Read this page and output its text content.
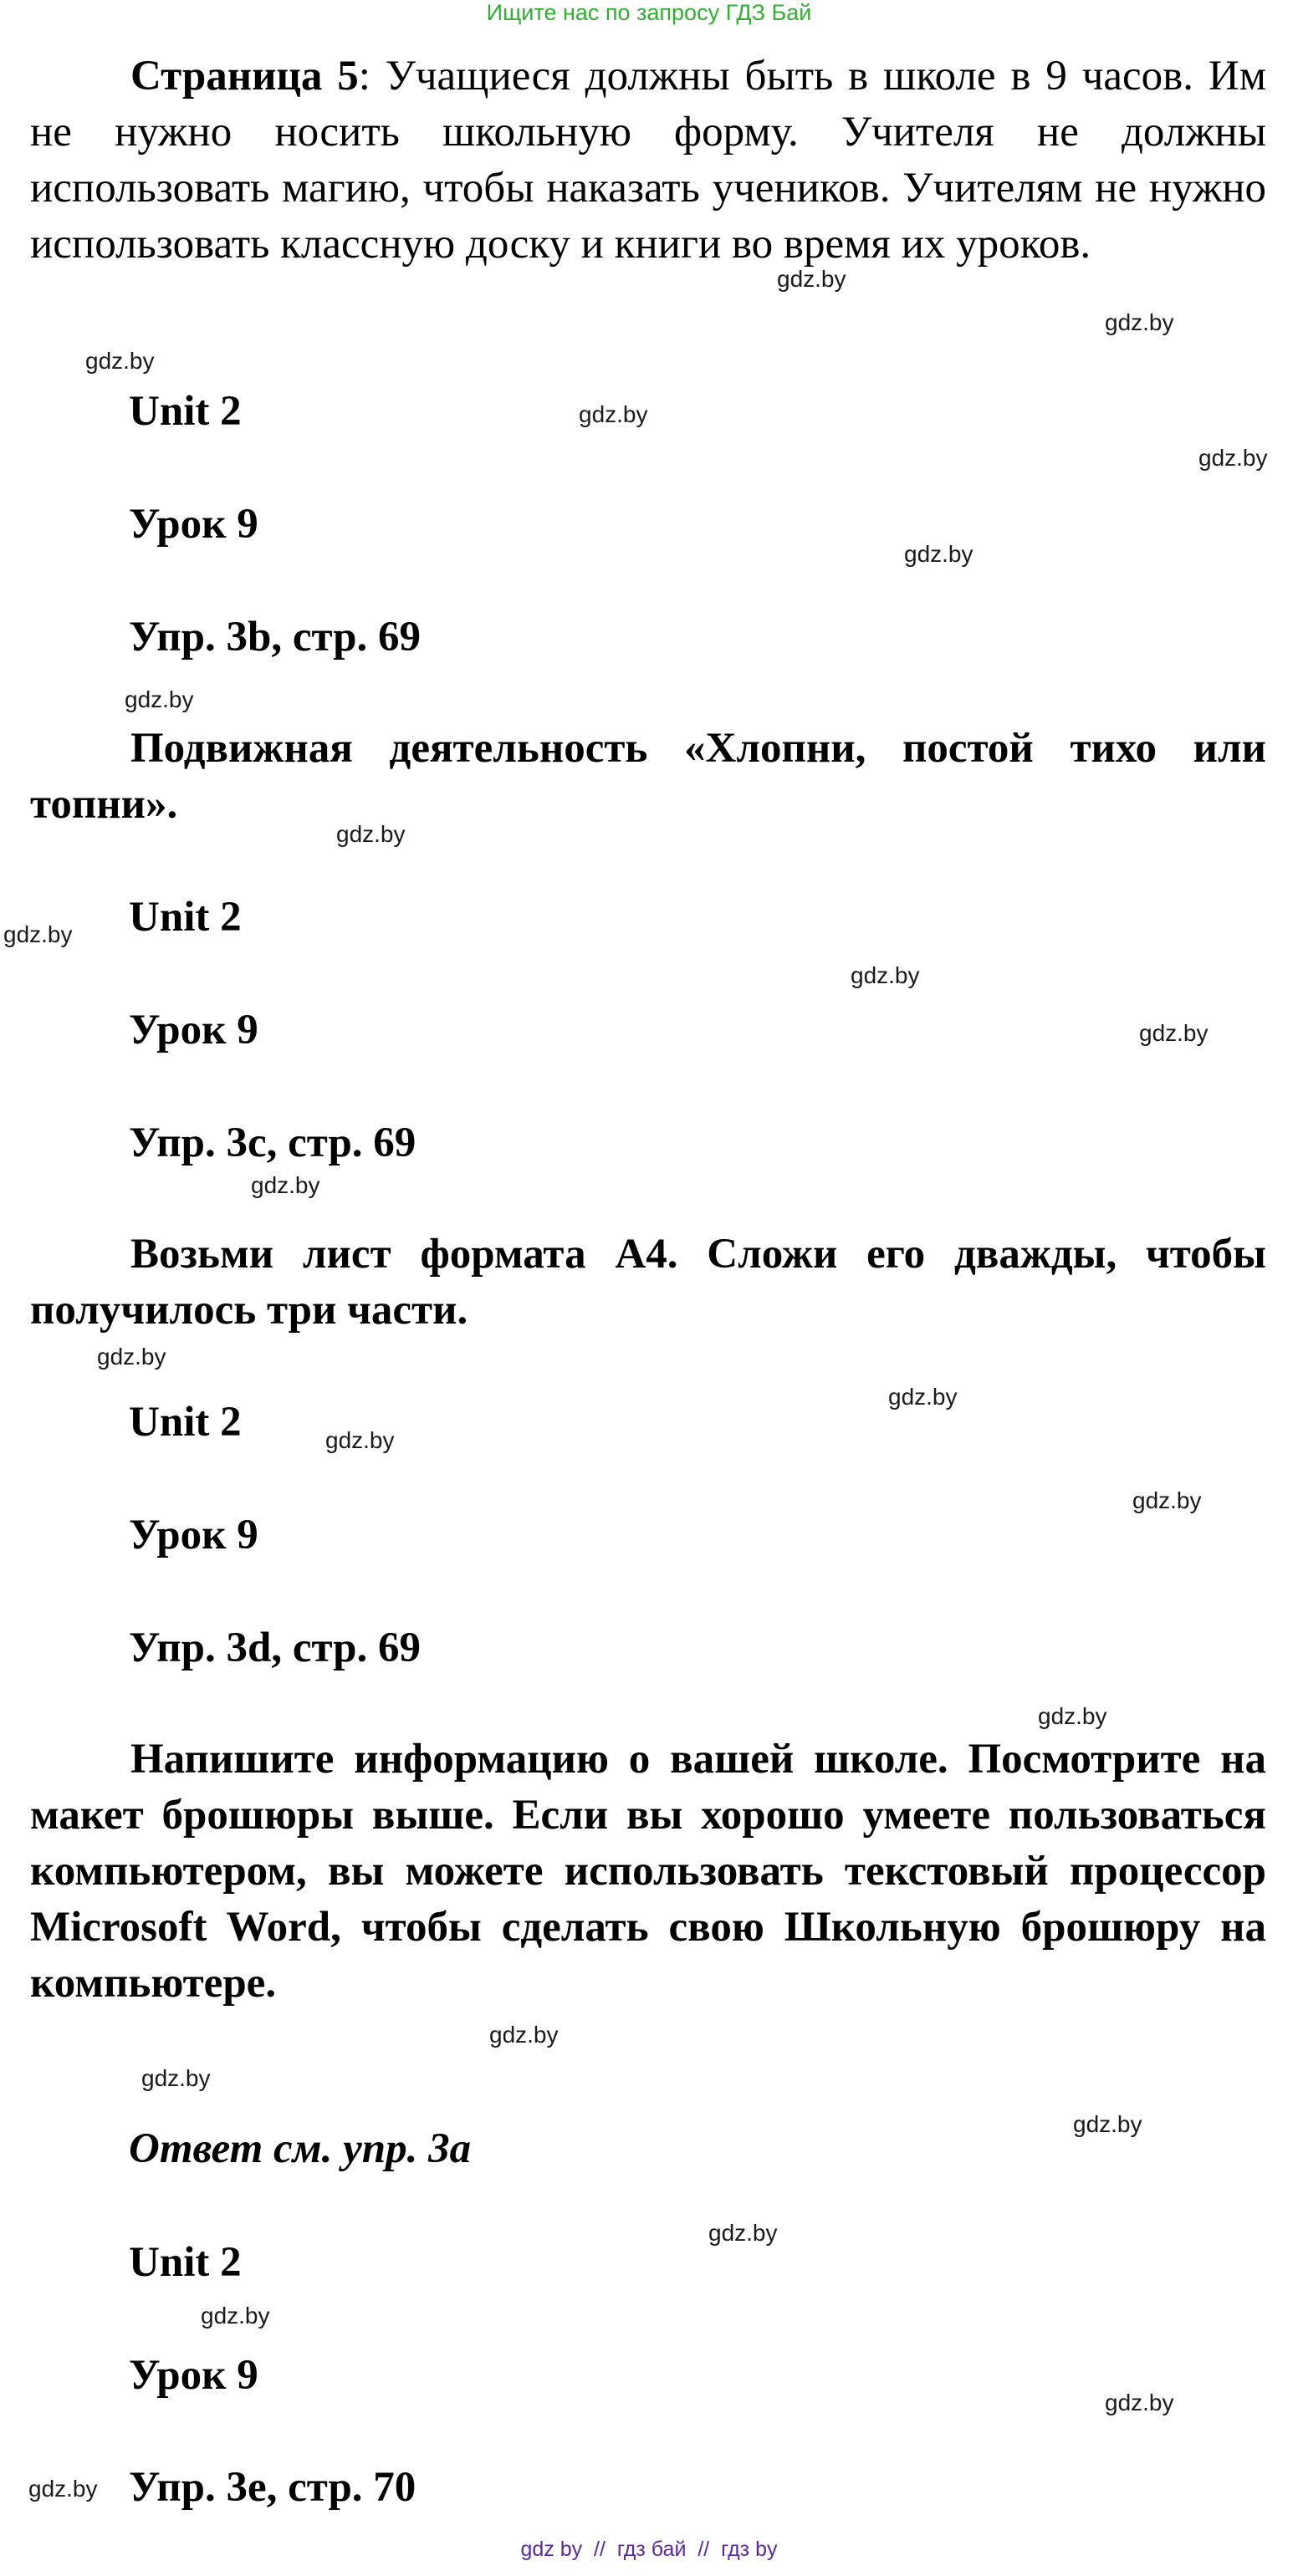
Ищите нас по запросу ГДЗ Бай
Страница 5: Учащиеся должны быть в школе в 9 часов. Им не нужно носить школьную форму. Учителя не должны использовать магию, чтобы наказать учеников. Учителям не нужно использовать классную доску и книги во время их уроков.
Unit 2
Урок 9
Упр. 3b, стр. 69
Подвижная деятельность «Хлопни, постой тихо или топни».
Unit 2
Урок 9
Упр. 3c, стр. 69
Возьми лист формата А4. Сложи его дважды, чтобы получилось три части.
Unit 2
Урок 9
Упр. 3d, стр. 69
Напишите информацию о вашей школе. Посмотрите на макет брошюры выше. Если вы хорошо умеете пользоваться компьютером, вы можете использовать текстовый процессор Microsoft Word, чтобы сделать свою Школьную брошюру на компьютере.
Ответ см. упр. 3а
Unit 2
Урок 9
Упр. 3е, стр. 70
gdz.by
gdz.by
gdz.by
gdz.by
gdz.by
gdz.by
gdz.by
gdz.by
gdz.by
gdz.by
gdz.by
gdz.by
gdz.by
gdz.by
gdz.by
gdz.by
gdz.by
gdz.by
gdz.by
gdz.by
gdz.by
gdz.by
gdz.by
gdz.by
gdz by  //  гдз бай  //  гдз by
